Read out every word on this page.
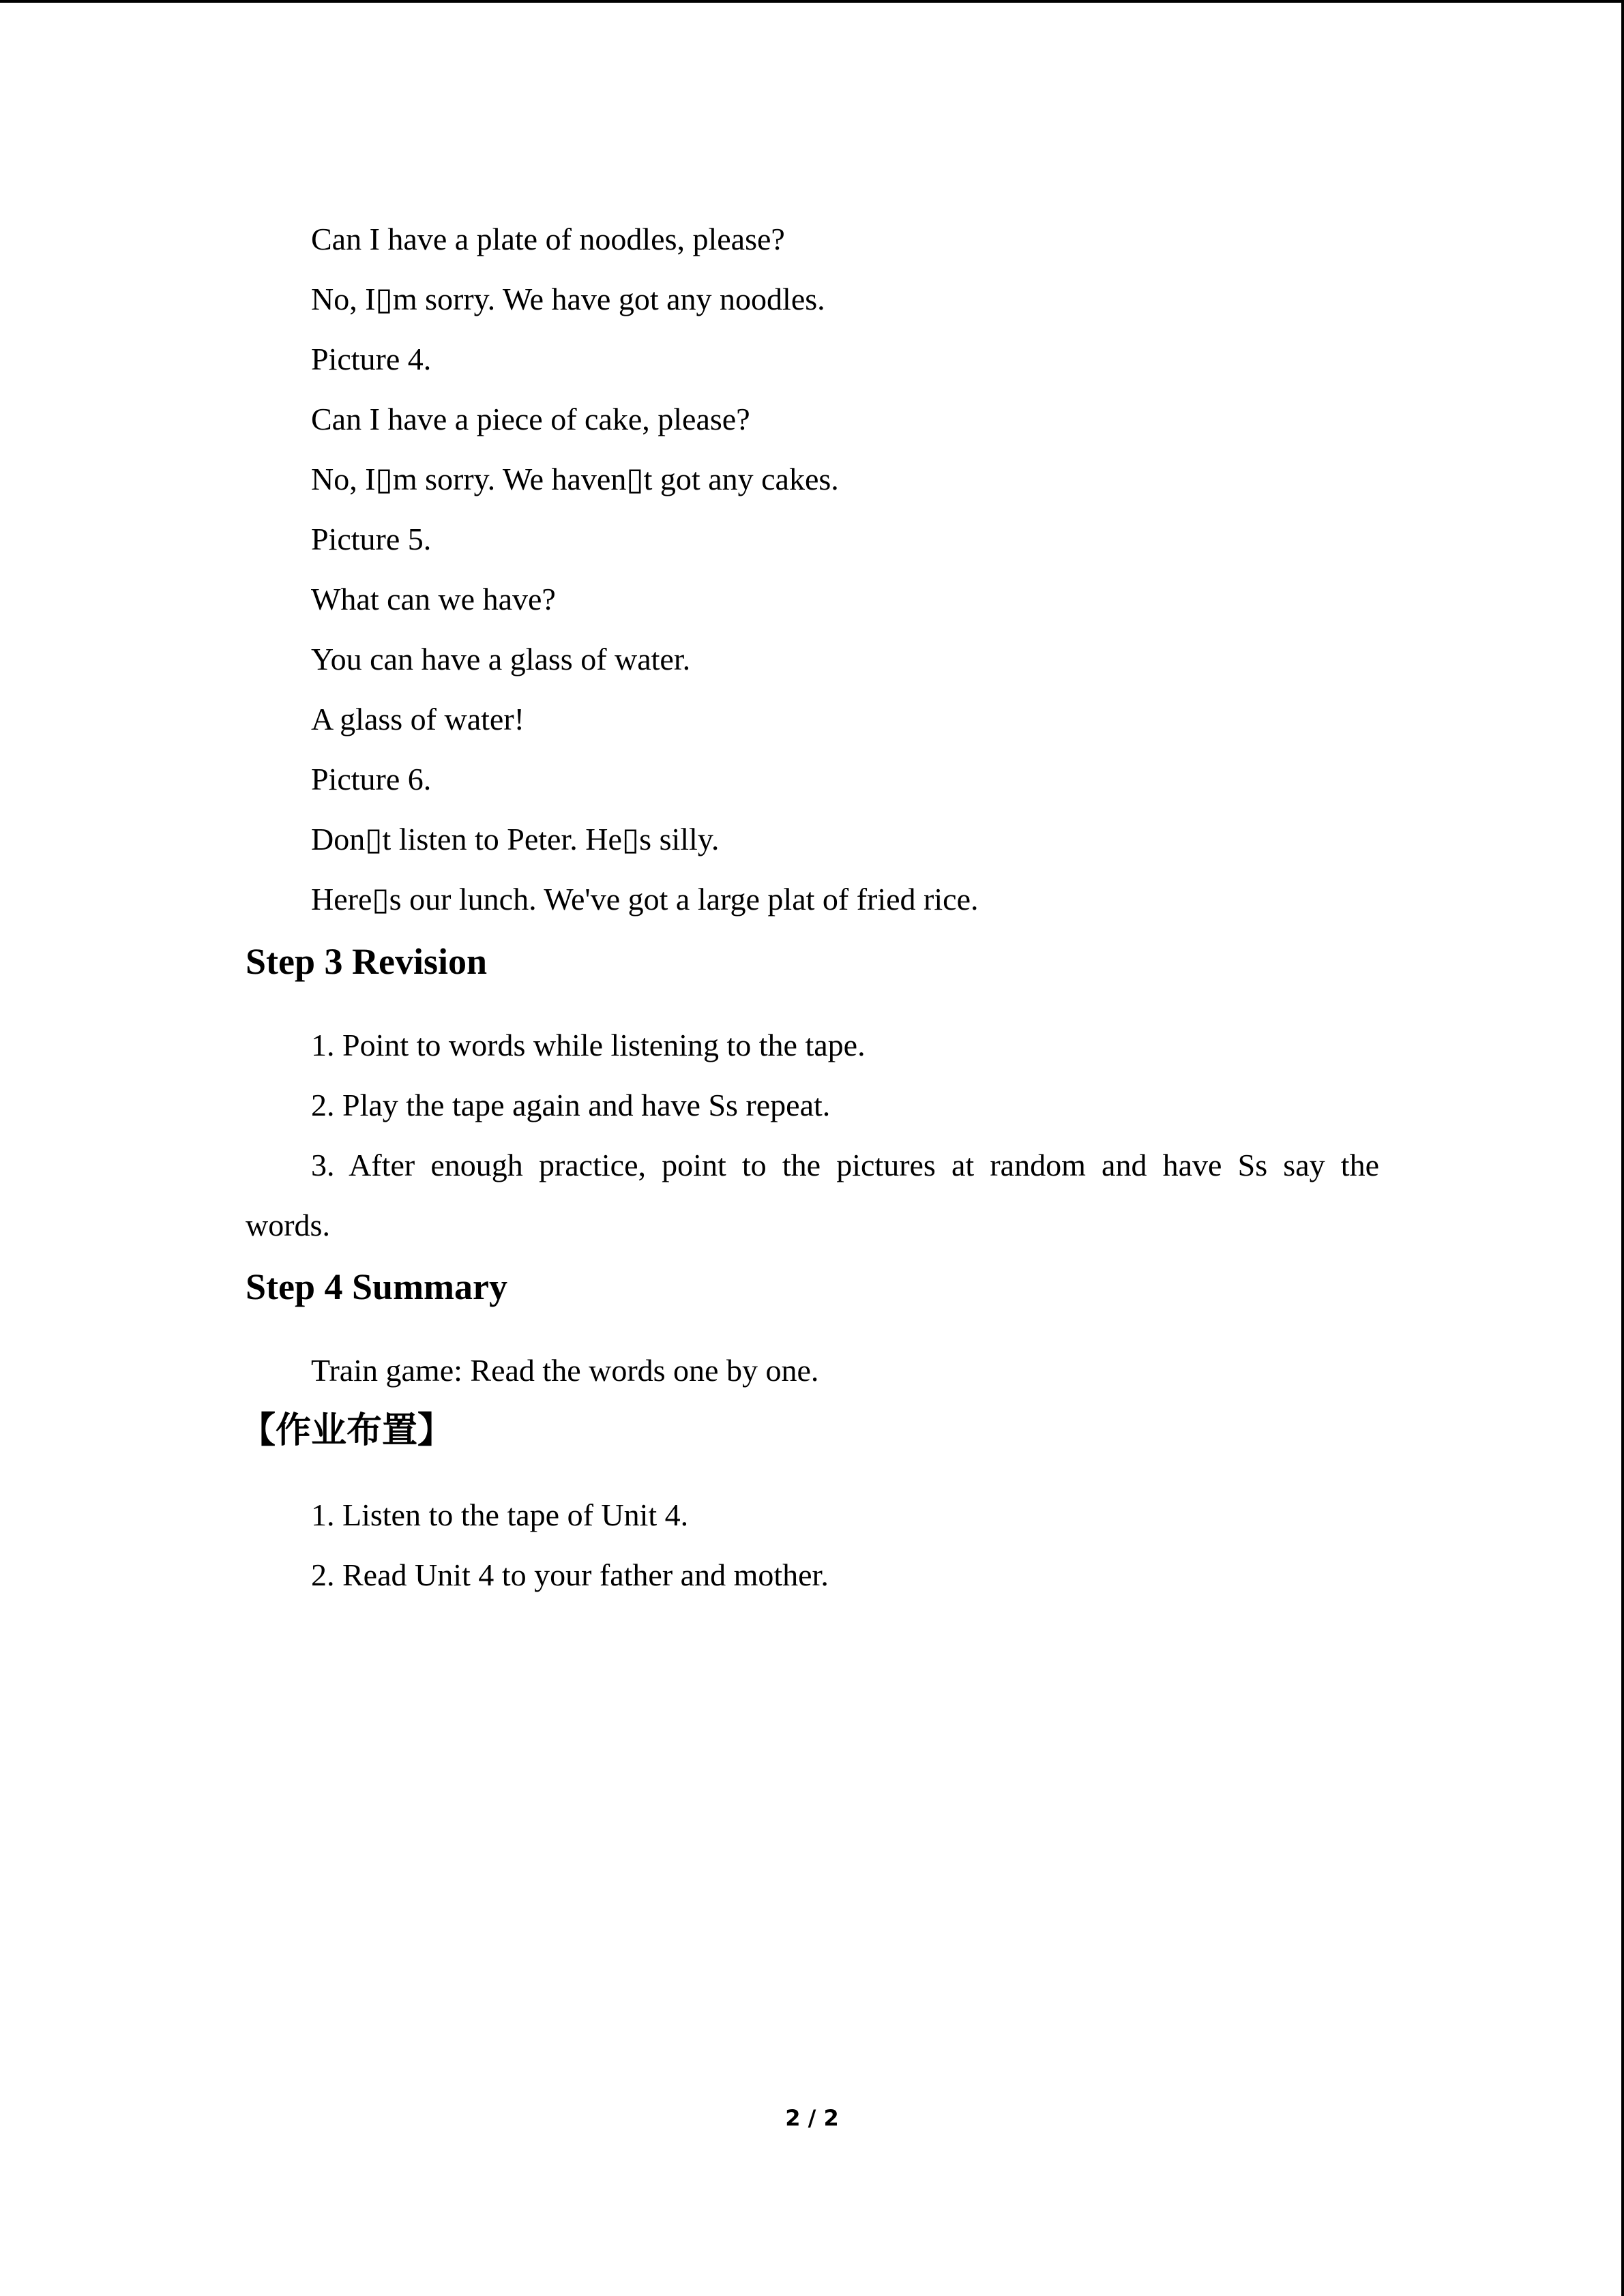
Can I have a plate of noodles, please?
No, I▯m sorry. We have got any noodles.
Picture 4.
Can I have a piece of cake, please?
No, I▯m sorry. We haven▯t got any cakes.
Picture 5.
What can we have?
You can have a glass of water.
A glass of water!
Picture 6.
Don▯t listen to Peter. He▯s silly.
Here▯s our lunch. We've got a large plat of fried rice.
Step 3 Revision
1. Point to words while listening to the tape.
2. Play the tape again and have Ss repeat.
3. After enough practice, point to the pictures at random and have Ss say the
words.
Step 4 Summary
Train game: Read the words one by one.
【作业布置】
1. Listen to the tape of Unit 4.
2. Read Unit 4 to your father and mother.
2 / 2
